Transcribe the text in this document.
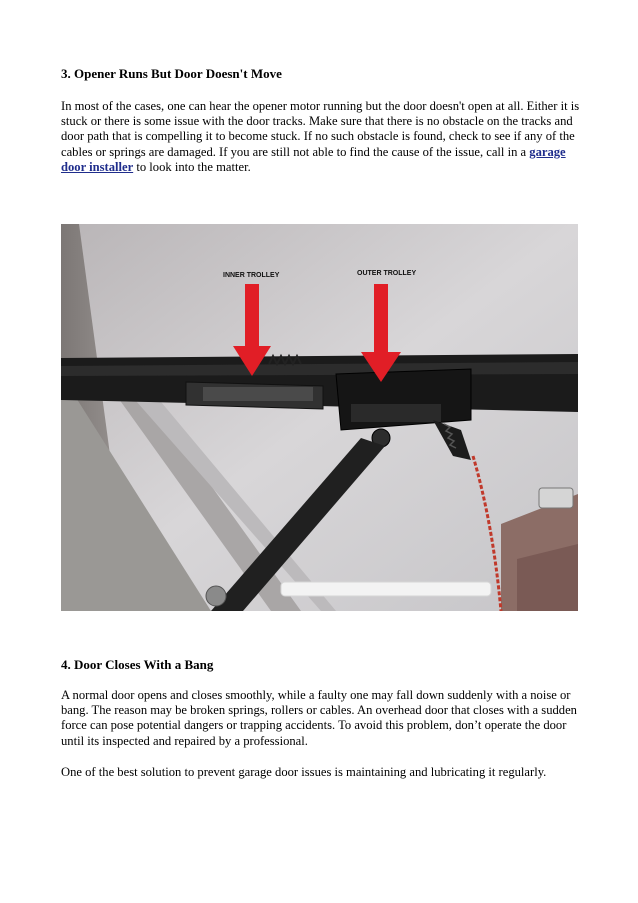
3. Opener Runs But Door Doesn't Move

In most of the cases, one can hear the opener motor running but the door doesn't open at all. Either it is stuck or there is some issue with the door tracks. Make sure that there is no obstacle on the tracks and door path that is compelling it to become stuck. If no such obstacle is found, check to see if any of the cables or springs are damaged. If you are still not able to find the cause of the issue, call in a garage door installer to look into the matter.

INNER TROLLEY	OUTER TROLLEY
4. Door Closes With a Bang

A normal door opens and closes smoothly, while a faulty one may fall down suddenly with a noise or bang. The reason may be broken springs, rollers or cables. An overhead door that closes with a sudden force can pose potential dangers or trapping accidents. To avoid this problem, don’t operate the door until its inspected and repaired by a professional.

One of the best solution to prevent garage door issues is maintaining and lubricating it regularly.
